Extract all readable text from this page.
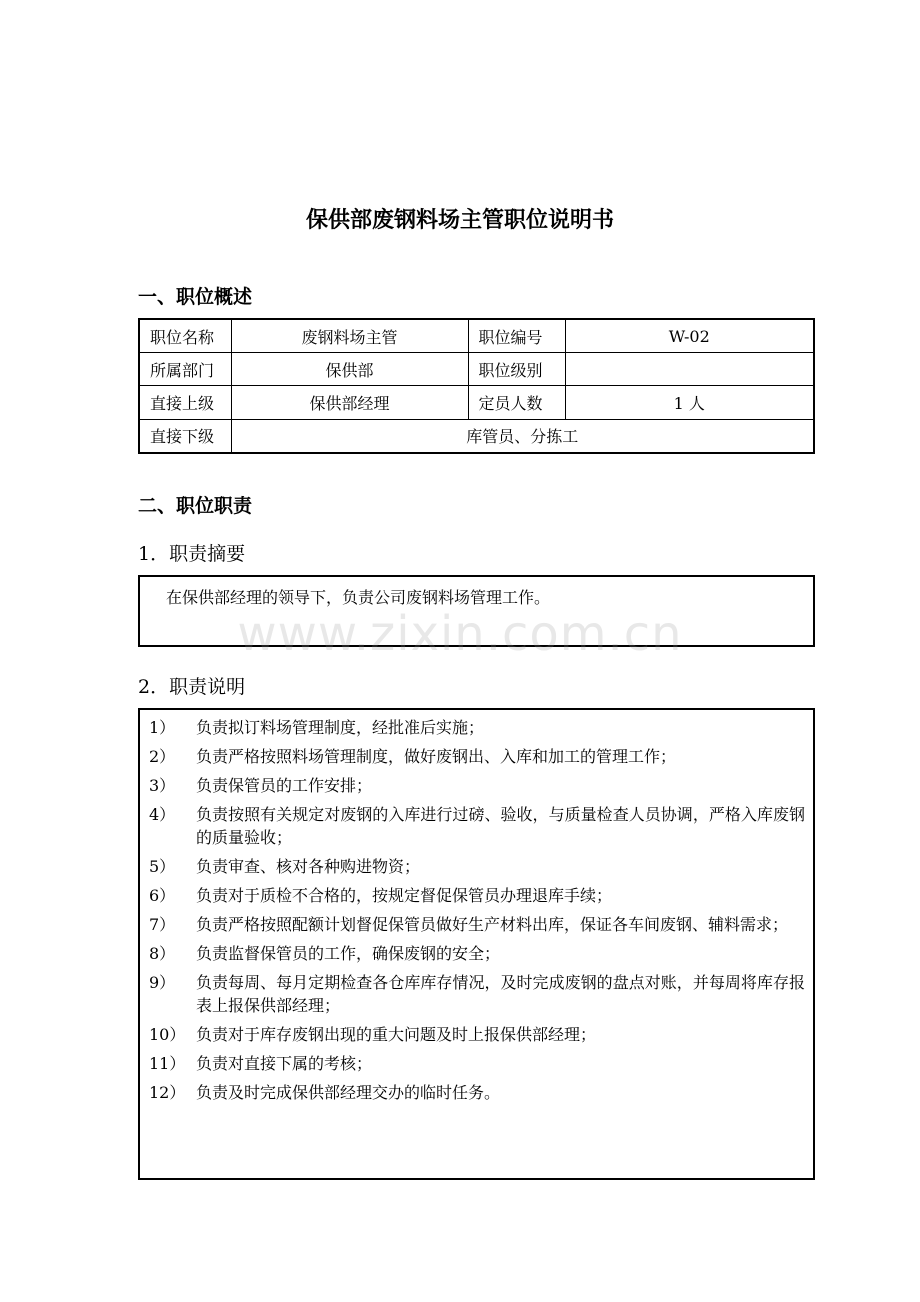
保供部废钢料场主管职位说明书
一、职位概述
职位名称	废钢料场主管	职位编号	W-02
所属部门	保供部	职位级别	
直接上级	保供部经理	定员人数	1 人
直接下级	库管员、分拣工		
二、职位职责
1．职责摘要
在保供部经理的领导下，负责公司废钢料场管理工作。
www.zixin.com.cn
2．职责说明
1）	负责拟订料场管理制度，经批准后实施；
2）	负责严格按照料场管理制度，做好废钢出、入库和加工的管理工作；
3）	负责保管员的工作安排；
4）	负责按照有关规定对废钢的入库进行过磅、验收，与质量检查人员协调，严格入库废钢的质量验收；
5）	负责审查、核对各种购进物资；
6）	负责对于质检不合格的，按规定督促保管员办理退库手续；
7）	负责严格按照配额计划督促保管员做好生产材料出库，保证各车间废钢、辅料需求；
8）	负责监督保管员的工作，确保废钢的安全；
9）	负责每周、每月定期检查各仓库库存情况，及时完成废钢的盘点对账，并每周将库存报表上报保供部经理；
10） 负责对于库存废钢出现的重大问题及时上报保供部经理；
11） 负责对直接下属的考核；
12） 负责及时完成保供部经理交办的临时任务。
